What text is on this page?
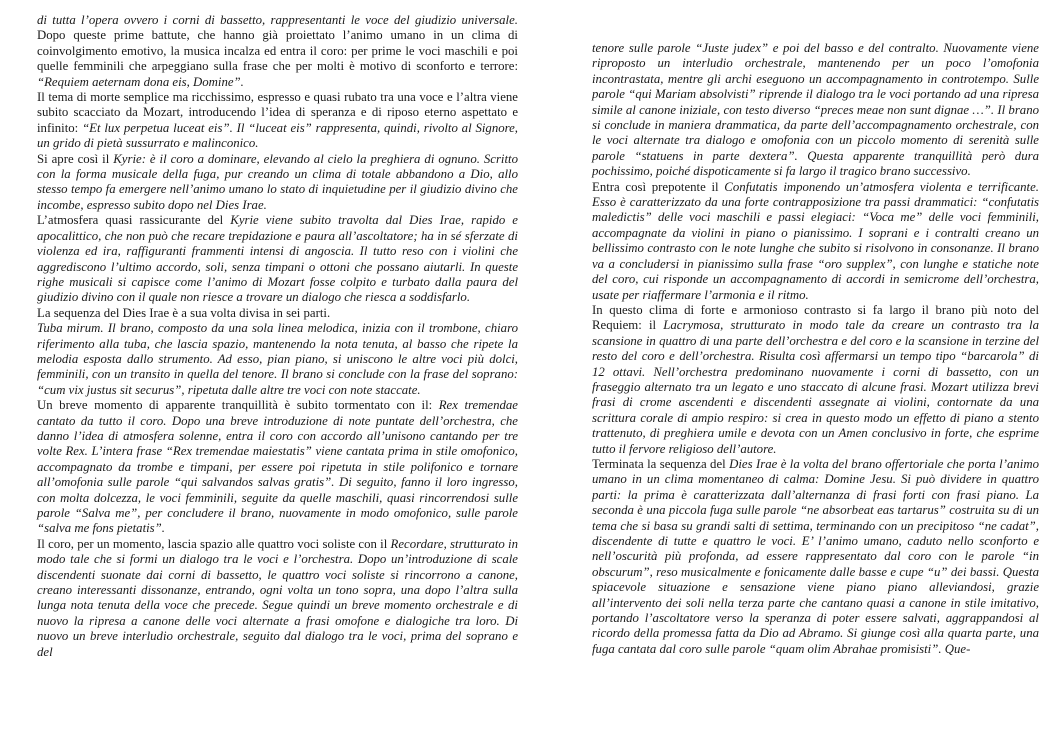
di tutta l’opera ovvero i corni di bassetto, rappresentanti le voce del giudizio universale. Dopo queste prime battute, che hanno già proiettato l’animo umano in un clima di coinvolgimento emotivo, la musica incalza ed entra il coro: per prime le voci maschili e poi quelle femminili che arpeggiano sulla frase che per molti è motivo di sconforto e terrore: “Requiem aeternam dona eis, Domine”.

Il tema di morte semplice ma ricchissimo, espresso e quasi rubato tra una voce e l’altra viene subito scacciato da Mozart, introducendo l’idea di speranza e di riposo eterno aspettato e infinito: “Et lux perpetua luceat eis”. Il “luceat eis” rappresenta, quindi, rivolto al Signore, un grido di pietà sussurrato e malinconico.

Si apre così il Kyrie: è il coro a dominare, elevando al cielo la preghiera di ognuno. Scritto con la forma musicale della fuga, pur creando un clima di totale abbandono a Dio, allo stesso tempo fa emergere nell’animo umano lo stato di inquietudine per il giudizio divino che incombe, espresso subito dopo nel Dies Irae.

L’atmosfera quasi rassicurante del Kyrie viene subito travolta dal Dies Irae, rapido e apocalittico, che non può che recare trepidazione e paura all’ascoltatore; ha in sé sferzate di violenza ed ira, raffiguranti frammenti intensi di angoscia. Il tutto reso con i violini che aggrediscono l’ultimo accordo, soli, senza timpani o ottoni che possano aiutarli. In queste righe musicali si capisce come l’animo di Mozart fosse colpito e turbato dalla paura del giudizio divino con il quale non riesce a trovare un dialogo che riesca a soddisfarlo.

La sequenza del Dies Irae è a sua volta divisa in sei parti.

Tuba mirum. Il brano, composto da una sola linea melodica, inizia con il trombone, chiaro riferimento alla tuba, che lascia spazio, mantenendo la nota tenuta, al basso che ripete la melodia esposta dallo strumento. Ad esso, pian piano, si uniscono le altre voci più dolci, femminili, con un transito in quella del tenore. Il brano si conclude con la frase del soprano: “cum vix justus sit securus”, ripetuta dalle altre tre voci con note staccate.

Un breve momento di apparente tranquillità è subito tormentato con il: Rex tremendae cantato da tutto il coro. Dopo una breve introduzione di note puntate dell’orchestra, che danno l’idea di atmosfera solenne, entra il coro con accordo all’unisono cantando per tre volte Rex. L’intera frase “Rex tremendae maiestatis” viene cantata prima in stile omofonico, accompagnato da trombe e timpani, per essere poi ripetuta in stile polifonico e tornare all’omofonia sulle parole “qui salvandos salvas gratis”. Di seguito, fanno il loro ingresso, con molta dolcezza, le voci femminili, seguite da quelle maschili, quasi rincorrendosi sulle parole “Salva me”, per concludere il brano, nuovamente in modo omofonico, sulle parole “salva me fons pietatis”.

Il coro, per un momento, lascia spazio alle quattro voci soliste con il Recordare, strutturato in modo tale che si formi un dialogo tra le voci e l’orchestra. Dopo un’introduzione di scale discendenti suonate dai corni di bassetto, le quattro voci soliste si rincorrono a canone, creano interessanti dissonanze, entrando, ogni volta un tono sopra, una dopo l’altra sulla lunga nota tenuta della voce che precede. Segue quindi un breve momento orchestrale e di nuovo la ripresa a canone delle voci alternate a frasi omofone e dialogiche tra loro. Di nuovo un breve interludio orchestrale, seguito dal dialogo tra le voci, prima del soprano e del

tenore sulle parole “Juste judex” e poi del basso e del contralto. Nuovamente viene riproposto un interludio orchestrale, mantenendo per un poco l’omofonia incontrastata, mentre gli archi eseguono un accompagnamento in controtempo. Sulle parole “qui Mariam absolvisti” riprende il dialogo tra le voci portando ad una ripresa simile al canone iniziale, con testo diverso “preces meae non sunt dignae …”. Il brano si conclude in maniera drammatica, da parte dell’accompagnamento orchestrale, con le voci alternate tra dialogo e omofonia con un piccolo momento di serenità sulle parole “statuens in parte dextera”. Questa apparente tranquillità però dura pochissimo, poiché dispoticamente si fa largo il tragico brano successivo.

Entra così prepotente il Confutatis imponendo un’atmosfera violenta e terrificante. Esso è caratterizzato da una forte contrapposizione tra passi drammatici: “confutatis maledictis” delle voci maschili e passi elegiaci: “Voca me” delle voci femminili, accompagnate da violini in piano o pianissimo. I soprani e i contralti creano un bellissimo contrasto con le note lunghe che subito si risolvono in consonanze. Il brano va a concludersi in pianissimo sulla frase “oro supplex”, con lunghe e statiche note del coro, cui risponde un accompagnamento di accordi in semicrome dell’orchestra, usate per riaffermare l’armonia e il ritmo.

In questo clima di forte e armonioso contrasto si fa largo il brano più noto del Requiem: il Lacrymosa, strutturato in modo tale da creare un contrasto tra la scansione in quattro di una parte dell’orchestra e del coro e la scansione in terzine del resto del coro e dell’orchestra. Risulta così affermarsi un tempo tipo “barcarola” di 12 ottavi. Nell’orchestra predominano nuovamente i corni di bassetto, con un fraseggio alternato tra un legato e uno staccato di alcune frasi. Mozart utilizza brevi frasi di crome ascendenti e discendenti assegnate ai violini, contornate da una scrittura corale di ampio respiro: si crea in questo modo un effetto di piano a stento trattenuto, di preghiera umile e devota con un Amen conclusivo in forte, che esprime tutto il fervore religioso dell’autore.

Terminata la sequenza del Dies Irae è la volta del brano offertoriale che porta l’animo umano in un clima momentaneo di calma: Domine Jesu. Si può dividere in quattro parti: la prima è caratterizzata dall’alternanza di frasi forti con frasi piano. La seconda è una piccola fuga sulle parole “ne absorbeat eas tartarus” costruita su di un tema che si basa su grandi salti di settima, terminando con un precipitoso “ne cadat”, discendente di tutte e quattro le voci. E’ l’animo umano, caduto nello sconforto e nell’oscurità più profonda, ad essere rappresentato dal coro con le parole “in obscurum”, reso musicalmente e fonicamente dalle basse e cupe “u” dei bassi. Questa spiacevole situazione e sensazione viene piano piano alleviandosi, grazie all’intervento dei soli nella terza parte che cantano quasi a canone in stile imitativo, portando l’ascoltatore verso la speranza di poter essere salvati, aggrappandosi al ricordo della promessa fatta da Dio ad Abramo. Si giunge così alla quarta parte, una fuga cantata dal coro sulle parole “quam olim Abrahae promisisti”. Que-
